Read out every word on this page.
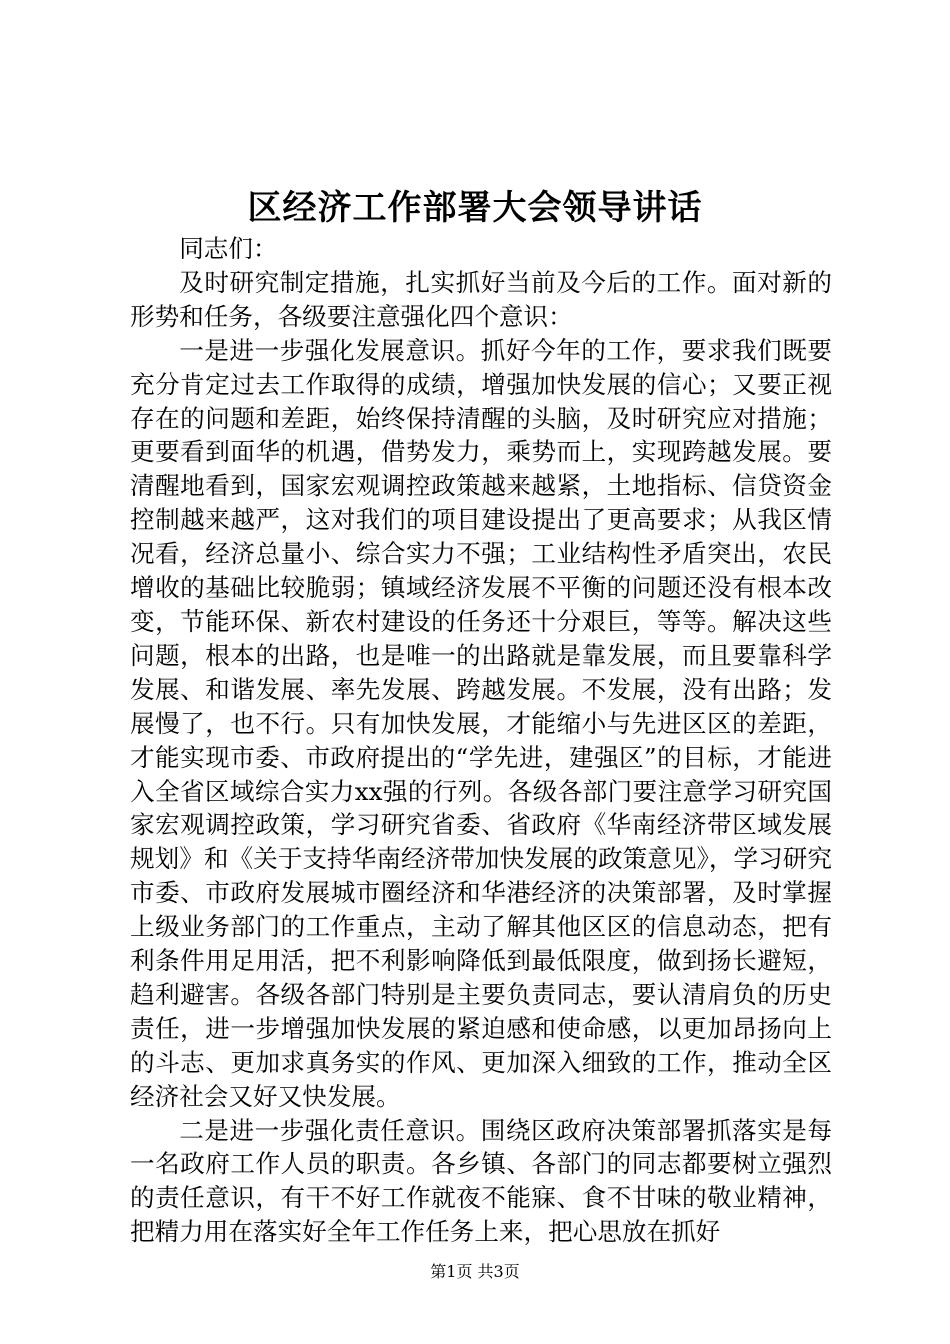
区经济工作部署大会领导讲话

同志们：

及时研究制定措施，扎实抓好当前及今后的工作。面对新的形势和任务，各级要注意强化四个意识：

一是进一步强化发展意识。抓好今年的工作，要求我们既要充分肯定过去工作取得的成绩，增强加快发展的信心；又要正视存在的问题和差距，始终保持清醒的头脑，及时研究应对措施；更要看到面华的机遇，借势发力，乘势而上，实现跨越发展。要清醒地看到，国家宏观调控政策越来越紧，土地指标、信贷资金控制越来越严，这对我们的项目建设提出了更高要求；从我区情况看，经济总量小、综合实力不强；工业结构性矛盾突出，农民增收的基础比较脆弱；镇域经济发展不平衡的问题还没有根本改变，节能环保、新农村建设的任务还十分艰巨，等等。解决这些问题，根本的出路，也是唯一的出路就是靠发展，而且要靠科学发展、和谐发展、率先发展、跨越发展。不发展，没有出路；发展慢了，也不行。只有加快发展，才能缩小与先进区区的差距，才能实现市委、市政府提出的“学先进，建强区”的目标，才能进入全省区域综合实力xx强的行列。各级各部门要注意学习研究国家宏观调控政策，学习研究省委、省政府《华南经济带区域发展规划》和《关于支持华南经济带加快发展的政策意见》，学习研究市委、市政府发展城市圈经济和华港经济的决策部署，及时掌握上级业务部门的工作重点，主动了解其他区区的信息动态，把有利条件用足用活，把不利影响降低到最低限度，做到扬长避短，趋利避害。各级各部门特别是主要负责同志，要认清肩负的历史责任，进一步增强加快发展的紧迫感和使命感，以更加昂扬向上的斗志、更加求真务实的作风、更加深入细致的工作，推动全区经济社会又好又快发展。

二是进一步强化责任意识。围绕区政府决策部署抓落实是每一名政府工作人员的职责。各乡镇、各部门的同志都要树立强烈的责任意识，有干不好工作就夜不能寐、食不甘味的敬业精神，把精力用在落实好全年工作任务上来，把心思放在抓好

第1页 共3页
